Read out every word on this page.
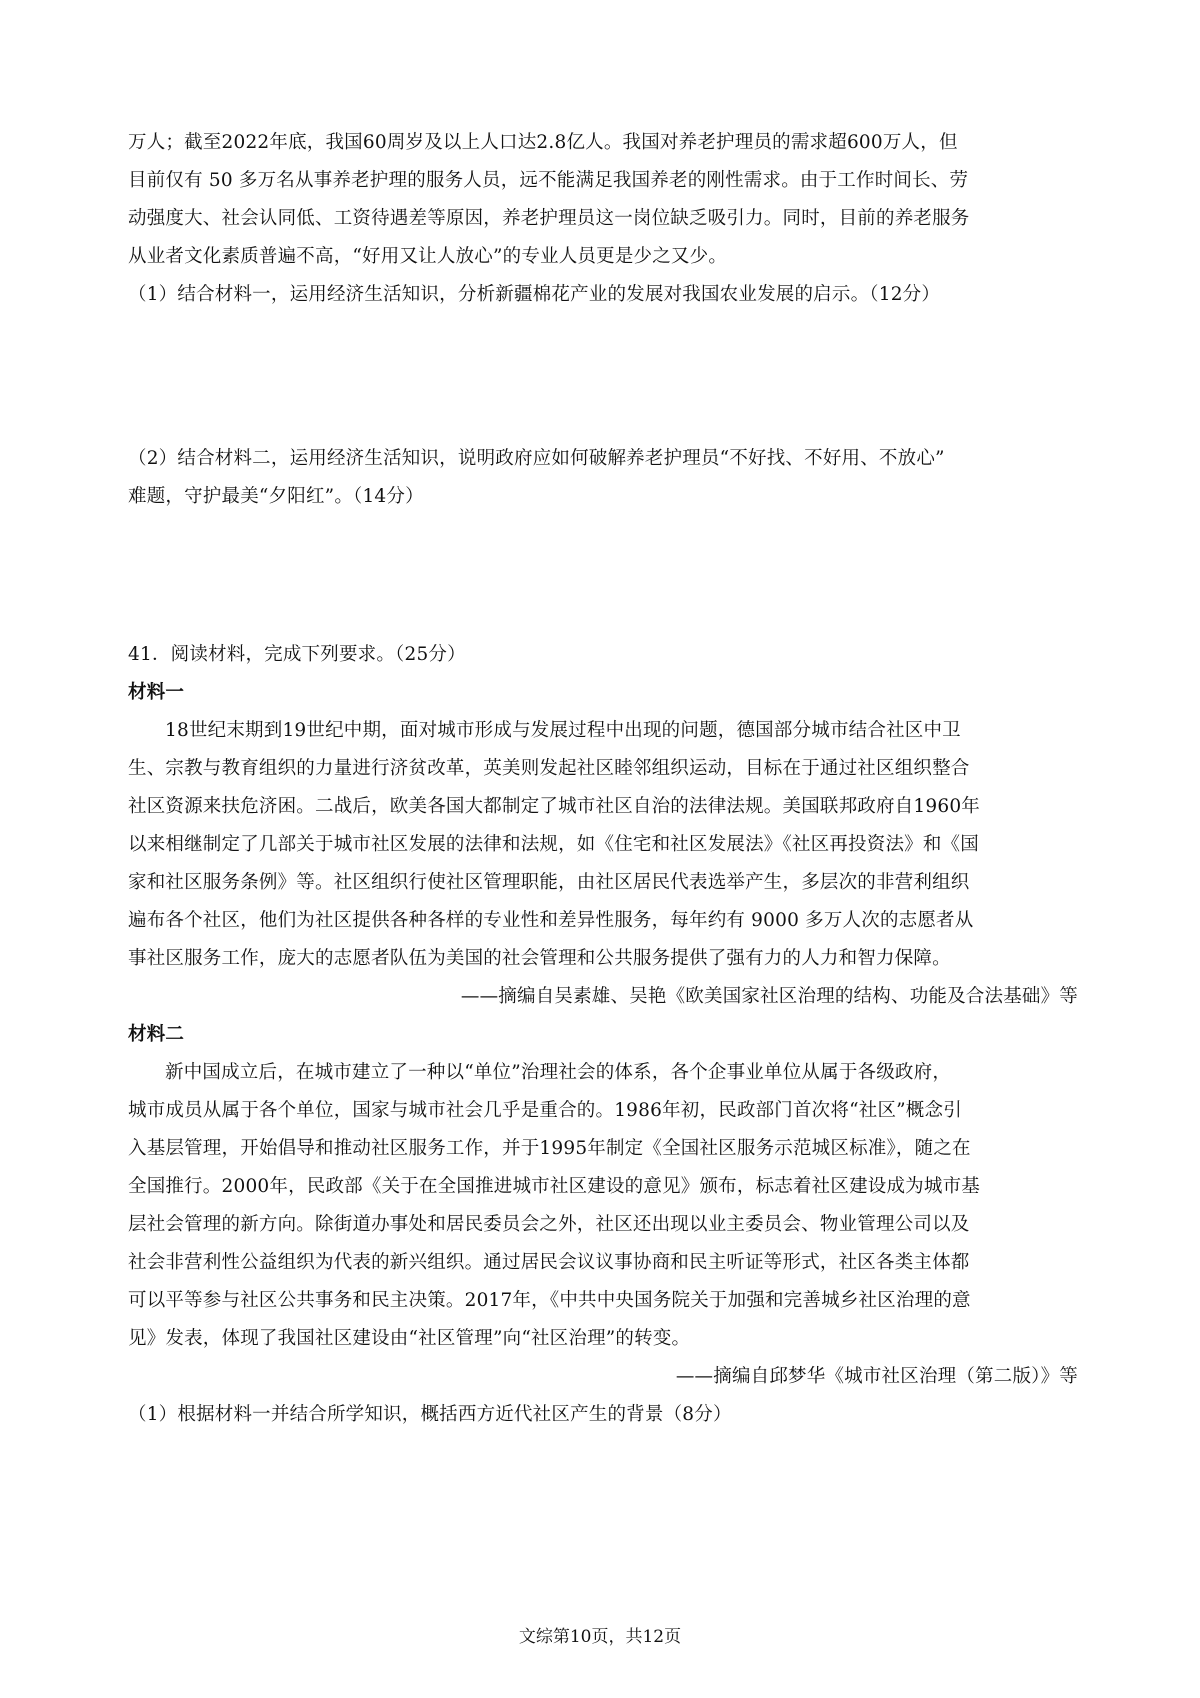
万人；截至2022年底，我国60周岁及以上人口达2.8亿人。我国对养老护理员的需求超600万人，但

目前仅有 50 多万名从事养老护理的服务人员，远不能满足我国养老的刚性需求。由于工作时间长、劳

动强度大、社会认同低、工资待遇差等原因，养老护理员这一岗位缺乏吸引力。同时，目前的养老服务

从业者文化素质普遍不高，“好用又让人放心”的专业人员更是少之又少。

（1）结合材料一，运用经济生活知识，分析新疆棉花产业的发展对我国农业发展的启示。（12分）

（2）结合材料二，运用经济生活知识，说明政府应如何破解养老护理员“不好找、不好用、不放心”

难题，守护最美“夕阳红”。（14分）

41．阅读材料，完成下列要求。（25分）

材料一

18世纪末期到19世纪中期，面对城市形成与发展过程中出现的问题，德国部分城市结合社区中卫

生、宗教与教育组织的力量进行济贫改革，英美则发起社区睦邻组织运动，目标在于通过社区组织整合

社区资源来扶危济困。二战后，欧美各国大都制定了城市社区自治的法律法规。美国联邦政府自1960年

以来相继制定了几部关于城市社区发展的法律和法规，如《住宅和社区发展法》《社区再投资法》和《国

家和社区服务条例》等。社区组织行使社区管理职能，由社区居民代表选举产生，多层次的非营利组织

遍布各个社区，他们为社区提供各种各样的专业性和差异性服务，每年约有 9000 多万人次的志愿者从

事社区服务工作，庞大的志愿者队伍为美国的社会管理和公共服务提供了强有力的人力和智力保障。

——摘编自吴素雄、吴艳《欧美国家社区治理的结构、功能及合法基础》等

材料二

新中国成立后，在城市建立了一种以“单位”治理社会的体系，各个企事业单位从属于各级政府，

城市成员从属于各个单位，国家与城市社会几乎是重合的。1986年初，民政部门首次将“社区”概念引

入基层管理，开始倡导和推动社区服务工作，并于1995年制定《全国社区服务示范城区标准》，随之在

全国推行。2000年，民政部《关于在全国推进城市社区建设的意见》颁布，标志着社区建设成为城市基

层社会管理的新方向。除街道办事处和居民委员会之外，社区还出现以业主委员会、物业管理公司以及

社会非营利性公益组织为代表的新兴组织。通过居民会议议事协商和民主听证等形式，社区各类主体都

可以平等参与社区公共事务和民主决策。2017年，《中共中央国务院关于加强和完善城乡社区治理的意

见》发表，体现了我国社区建设由“社区管理”向“社区治理”的转变。

——摘编自邱梦华《城市社区治理（第二版）》等

（1）根据材料一并结合所学知识，概括西方近代社区产生的背景（8分）

文综第10页，共12页
